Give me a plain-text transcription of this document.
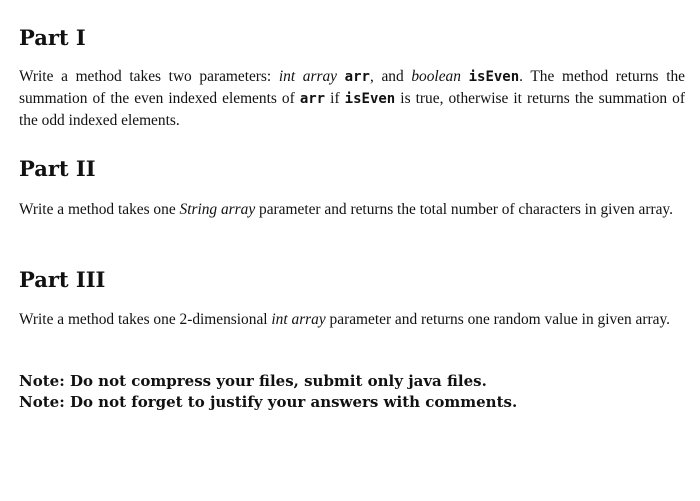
Part I

Write a method takes two parameters: int array arr, and boolean isEven. The method returns the summation of the even indexed elements of arr if isEven is true, otherwise it returns the summation of the odd indexed elements.

Part II

Write a method takes one String array parameter and returns the total number of characters in given array.

Part III

Write a method takes one 2-dimensional int array parameter and returns one random value in given array.

Note: Do not compress your files, submit only java files.

Note: Do not forget to justify your answers with comments.
